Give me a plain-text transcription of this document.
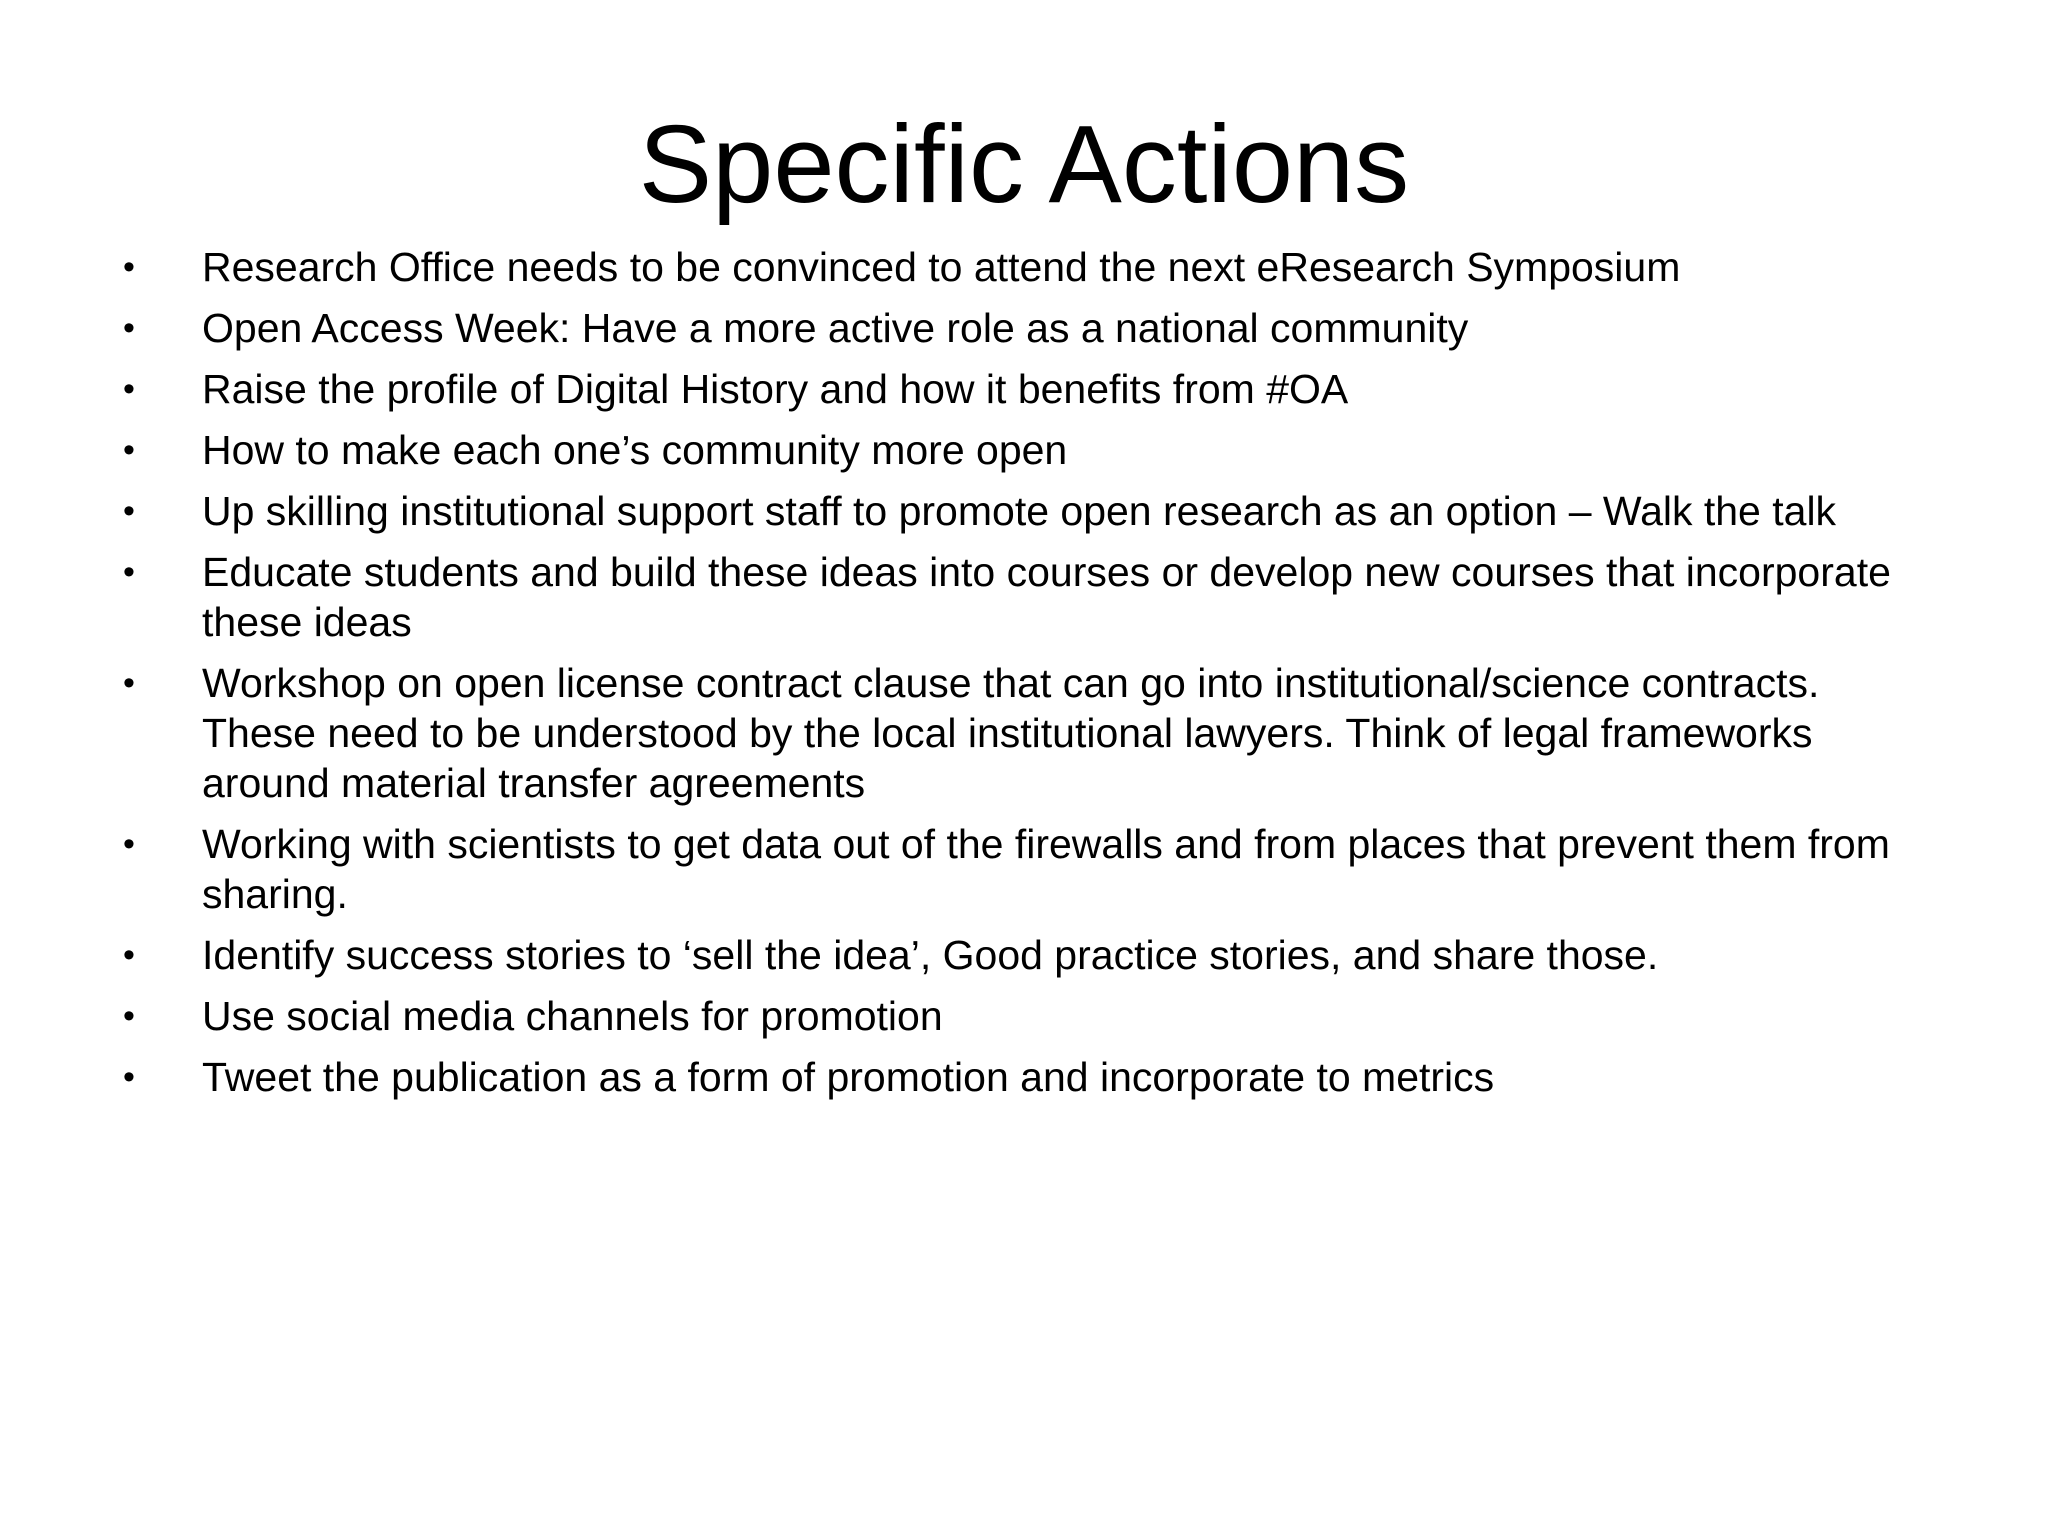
Specific Actions
• Research Office needs to be convinced to attend the next eResearch Symposium
• Open Access Week: Have a more active role as a national community
• Raise the profile of Digital History and how it benefits from #OA
• How to make each one’s community more open
• Up skilling institutional support staff to promote open research as an option – Walk the talk
• Educate students and build these ideas into courses or develop new courses that incorporate these ideas
• Workshop on open license contract clause that can go into institutional/science contracts. These need to be understood by the local institutional lawyers. Think of legal frameworks around material transfer agreements
• Working with scientists to get data out of the firewalls and from places that prevent them from sharing.
• Identify success stories to ‘sell the idea’, Good practice stories, and share those.
• Use social media channels for promotion
• Tweet the publication as a form of promotion and incorporate to metrics
